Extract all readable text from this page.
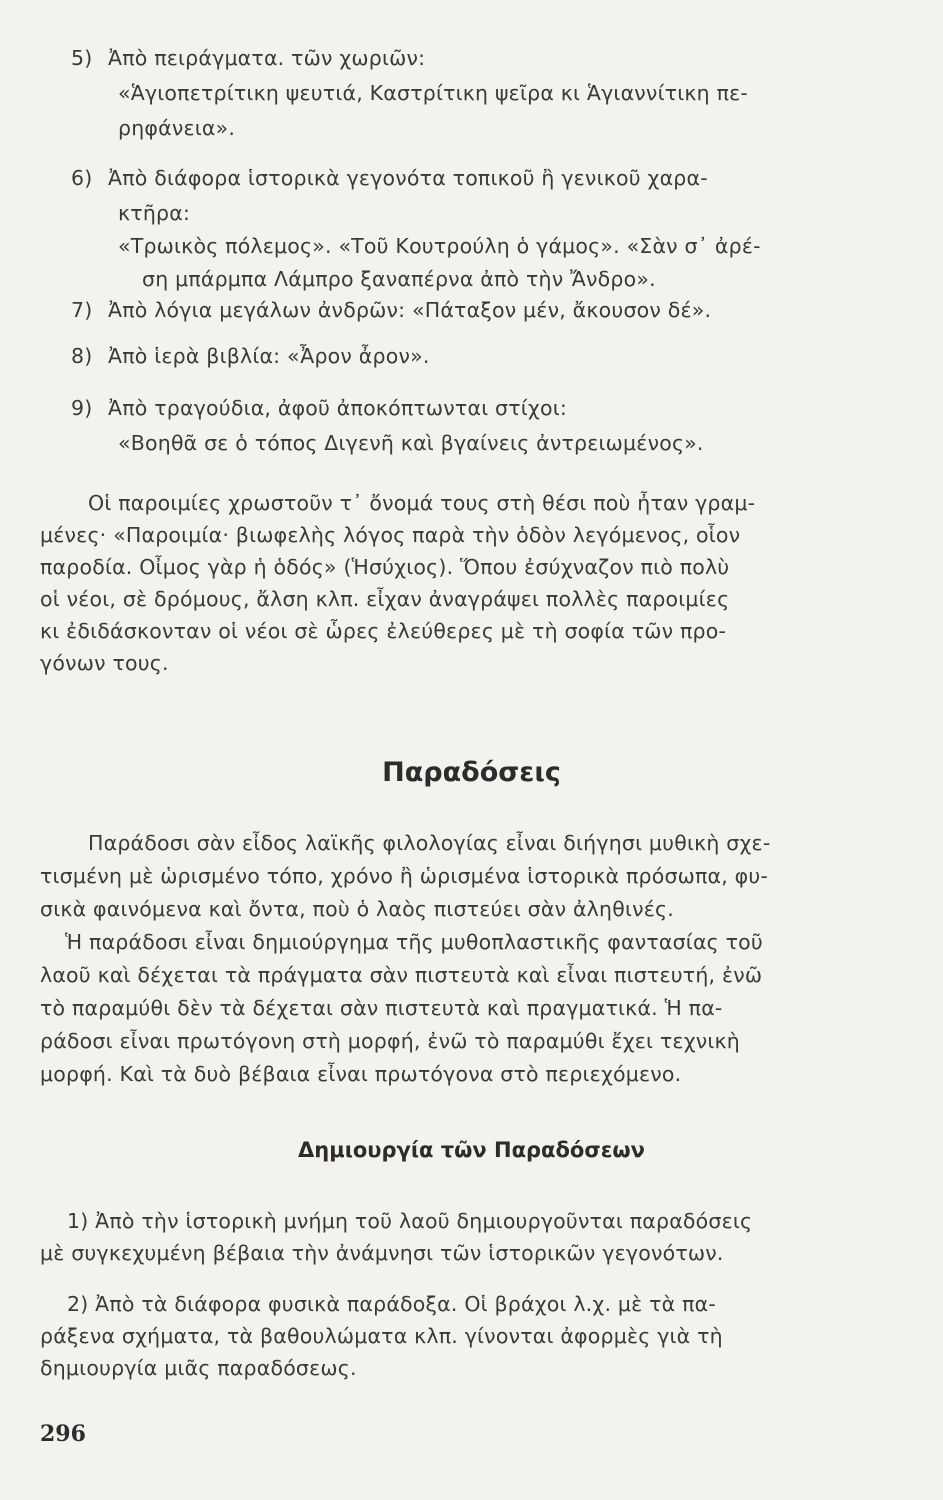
5) Ἀπὸ πειράγματα. τῶν χωριῶν:
«Ἁγιοπετρίτικη ψευτιά, Καστρίτικη ψεῖρα κι Ἁγιαννίτικη πε-
ρηφάνεια».
6) Ἀπὸ διάφορα ἱστορικὰ γεγονότα τοπικοῦ ἢ γενικοῦ χαρα-
κτῆρα:
«Τρωικὸς πόλεμος». «Τοῦ Κουτρούλη ὁ γάμος». «Σὰν σ᾽ ἀρέ-
ση μπάρμπα Λάμπρο ξαναπέρνα ἀπὸ τὴν Ἄνδρο».
7) Ἀπὸ λόγια μεγάλων ἀνδρῶν: «Πάταξον μέν, ἄκουσον δέ».
8) Ἀπὸ ἱερὰ βιβλία: «Ἆρον ἆρον».
9) Ἀπὸ τραγούδια, ἀφοῦ ἀποκόπτωνται στίχοι:
«Βοηθᾶ σε ὁ τόπος Διγενῆ καὶ βγαίνεις ἀντρειωμένος».
Οἱ παροιμίες χρωστοῦν τ᾽ ὄνομά τους στὴ θέσι ποὺ ἦταν γραμ-
μένες· «Παροιμία· βιωφελὴς λόγος παρὰ τὴν ὁδὸν λεγόμενος, οἷον
παροδία. Οἶμος γὰρ ἡ ὁδός» (Ἡσύχιος). Ὅπου ἐσύχναζον πιὸ πολὺ
οἱ νέοι, σὲ δρόμους, ἄλση κλπ. εἶχαν ἀναγράψει πολλὲς παροιμίες
κι ἐδιδάσκονταν οἱ νέοι σὲ ὧρες ἐλεύθερες μὲ τὴ σοφία τῶν προ-
γόνων τους.
Παραδόσεις
Παράδοσι σὰν εἶδος λαϊκῆς φιλολογίας εἶναι διήγησι μυθικὴ σχε-
τισμένη μὲ ὡρισμένο τόπο, χρόνο ἢ ὡρισμένα ἱστορικὰ πρόσωπα, φυ-
σικὰ φαινόμενα καὶ ὄντα, ποὺ ὁ λαὸς πιστεύει σὰν ἀληθινές.
Ἡ παράδοσι εἶναι δημιούργημα τῆς μυθοπλαστικῆς φαντασίας τοῦ
λαοῦ καὶ δέχεται τὰ πράγματα σὰν πιστευτὰ καὶ εἶναι πιστευτή, ἐνῶ
τὸ παραμύθι δὲν τὰ δέχεται σὰν πιστευτὰ καὶ πραγματικά. Ἡ πα-
ράδοσι εἶναι πρωτόγονη στὴ μορφή, ἐνῶ τὸ παραμύθι ἔχει τεχνικὴ
μορφή. Καὶ τὰ δυὸ βέβαια εἶναι πρωτόγονα στὸ περιεχόμενο.
Δημιουργία τῶν Παραδόσεων
1) Ἀπὸ τὴν ἱστορικὴ μνήμη τοῦ λαοῦ δημιουργοῦνται παραδόσεις
μὲ συγκεχυμένη βέβαια τὴν ἀνάμνησι τῶν ἱστορικῶν γεγονότων.
2) Ἀπὸ τὰ διάφορα φυσικὰ παράδοξα. Οἱ βράχοι λ.χ. μὲ τὰ πα-
ράξενα σχήματα, τὰ βαθουλώματα κλπ. γίνονται ἀφορμὲς γιὰ τὴ
δημιουργία μιᾶς παραδόσεως.
296
